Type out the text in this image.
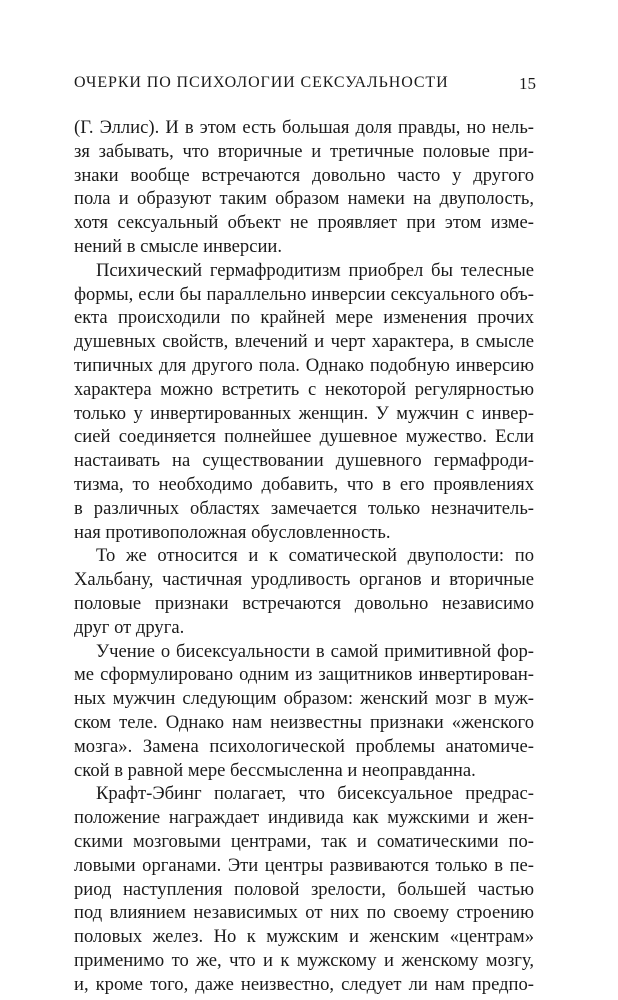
ОЧЕРКИ ПО ПСИХОЛОГИИ СЕКСУАЛЬНОСТИ	15
(Г. Эллис). И в этом есть большая доля правды, но нель-
зя забывать, что вторичные и третичные половые при-
знаки вообще встречаются довольно часто у другого
пола и образуют таким образом намеки на двуполость,
хотя сексуальный объект не проявляет при этом изме-
нений в смысле инверсии.
Психический гермафродитизм приобрел бы телесные
формы, если бы параллельно инверсии сексуального объ-
екта происходили по крайней мере изменения прочих
душевных свойств, влечений и черт характера, в смысле
типичных для другого пола. Однако подобную инверсию
характера можно встретить с некоторой регулярностью
только у инвертированных женщин. У мужчин с инвер-
сией соединяется полнейшее душевное мужество. Если
настаивать на существовании душевного гермафроди-
тизма, то необходимо добавить, что в его проявлениях
в различных областях замечается только незначитель-
ная противоположная обусловленность.
То же относится и к соматической двуполости: по
Хальбану, частичная уродливость органов и вторичные
половые признаки встречаются довольно независимо
друг от друга.
Учение о бисексуальности в самой примитивной фор-
ме сформулировано одним из защитников инвертирован-
ных мужчин следующим образом: женский мозг в муж-
ском теле. Однако нам неизвестны признаки «женского
мозга». Замена психологической проблемы анатомиче-
ской в равной мере бессмысленна и неоправданна.
Крафт-Эбинг полагает, что бисексуальное предрас-
положение награждает индивида как мужскими и жен-
скими мозговыми центрами, так и соматическими по-
ловыми органами. Эти центры развиваются только в пе-
риод наступления половой зрелости, большей частью
под влиянием независимых от них по своему строению
половых желез. Но к мужским и женским «центрам»
применимо то же, что и к мужскому и женскому мозгу,
и, кроме того, даже неизвестно, следует ли нам предпо-
